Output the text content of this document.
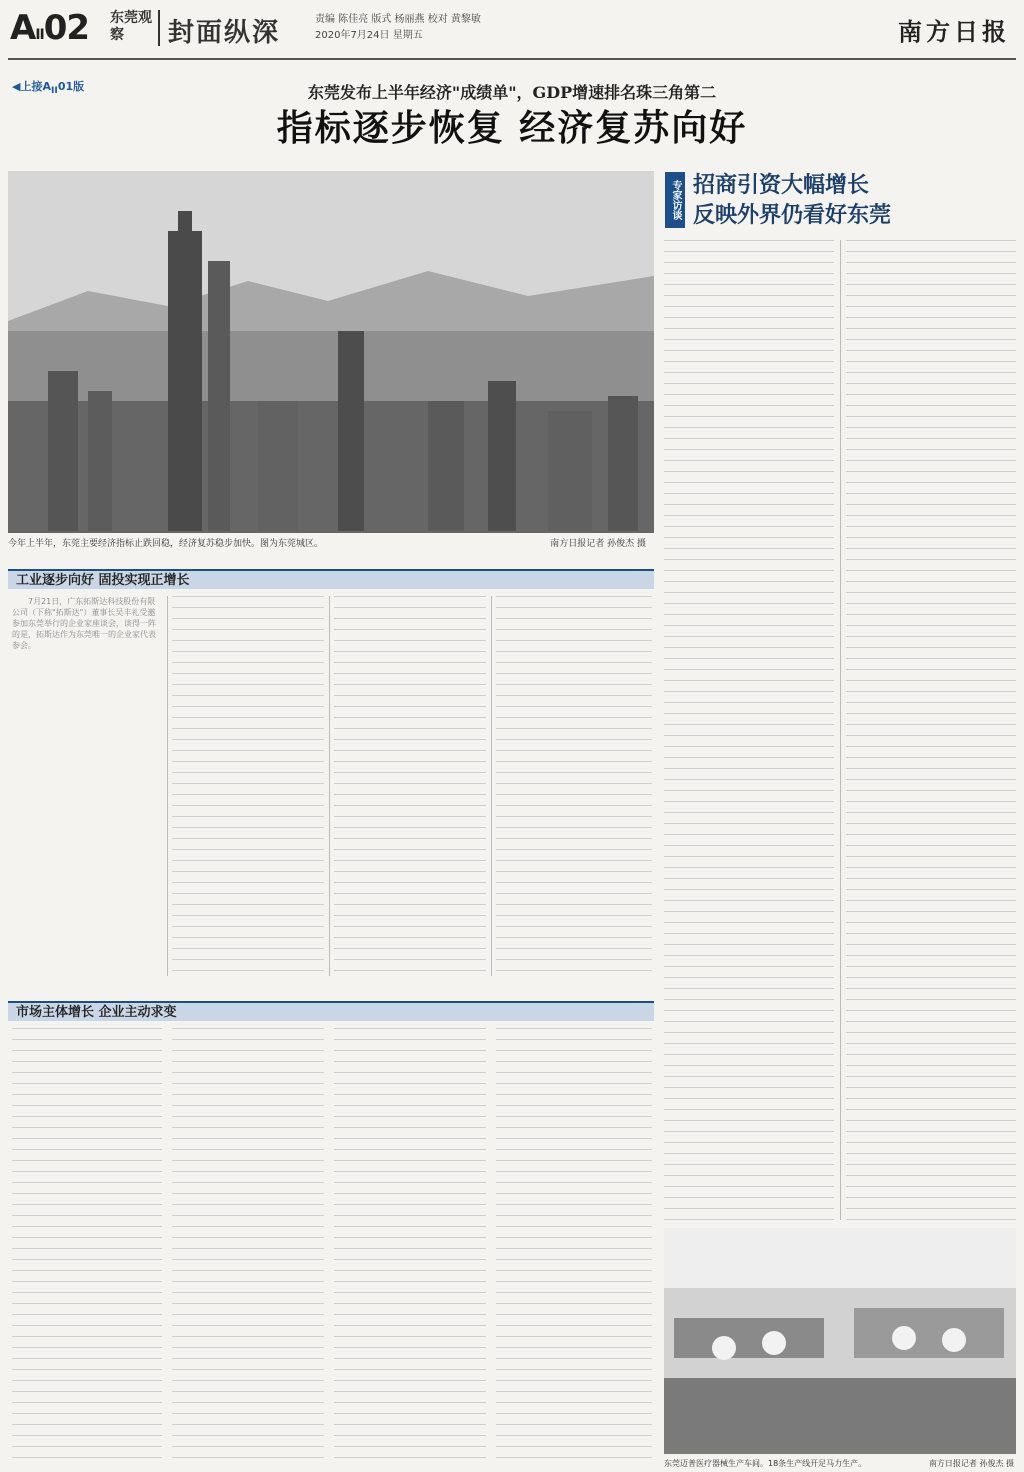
AII02 东莞观察	封面纵深	责编 陈佳亮 版式 杨丽燕 校对 黄黎敏
2020年7月24日 星期五	南方日报
◀上接$A_{II}01$版	东莞发布上半年经济"成绩单"，GDP增速排名珠三角第二
指标逐步恢复 经济复苏向好
今年上半年，东莞主要经济指标止跌回稳，经济复苏稳步加快。图为东莞城区。	南方日报记者 孙俊杰 摄
工业逐步向好 固投实现正增长

7月21日，广东拓斯达科技股份有限公司（下称"拓斯达"）董事长吴丰礼受邀参加东莞举行的企业家座谈会，谈得一阵的是，拓斯达作为东莞唯一的企业家代表参会。

市场主体增长 企业主动求变
专家访谈 招商引资大幅增长
反映外界仍看好东莞
东莞迈普医疗器械生产车间。18条生产线开足马力生产。	南方日报记者 孙俊杰 摄
